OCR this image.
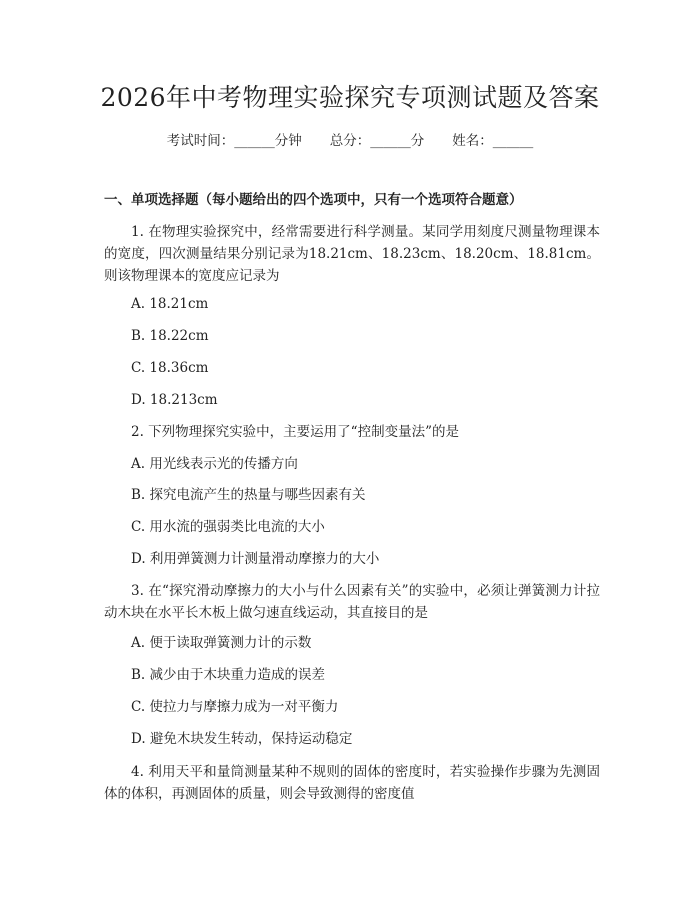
2026年中考物理实验探究专项测试题及答案
考试时间：______分钟 总分：______分 姓名：______
一、单项选择题（每小题给出的四个选项中，只有一个选项符合题意）
1. 在物理实验探究中，经常需要进行科学测量。某同学用刻度尺测量物理课本的宽度，四次测量结果分别记录为18.21cm、18.23cm、18.20cm、18.81cm。则该物理课本的宽度应记录为
A. 18.21cm
B. 18.22cm
C. 18.36cm
D. 18.213cm
2. 下列物理探究实验中，主要运用了“控制变量法”的是
A. 用光线表示光的传播方向
B. 探究电流产生的热量与哪些因素有关
C. 用水流的强弱类比电流的大小
D. 利用弹簧测力计测量滑动摩擦力的大小
3. 在“探究滑动摩擦力的大小与什么因素有关”的实验中，必须让弹簧测力计拉动木块在水平长木板上做匀速直线运动，其直接目的是
A. 便于读取弹簧测力计的示数
B. 减少由于木块重力造成的误差
C. 使拉力与摩擦力成为一对平衡力
D. 避免木块发生转动，保持运动稳定
4. 利用天平和量筒测量某种不规则的固体的密度时，若实验操作步骤为先测固体的体积，再测固体的质量，则会导致测得的密度值
